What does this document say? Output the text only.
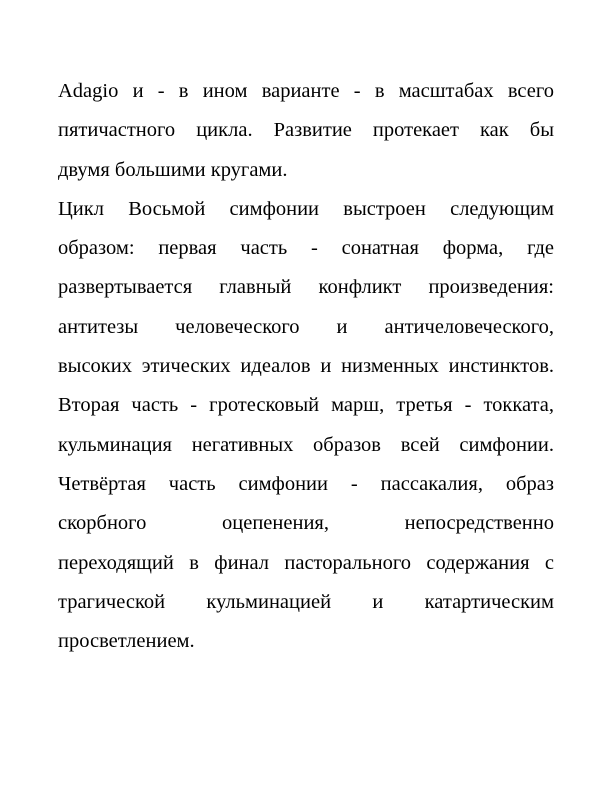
Adagio и - в ином варианте - в масштабах всего
пятичастного цикла. Развитие протекает как бы
двумя большими кругами.
Цикл Восьмой симфонии выстроен следующим
образом: первая часть - сонатная форма, где
развертывается главный конфликт произведения:
антитезы человеческого и античеловеческого,
высоких этических идеалов и низменных инстинктов.
Вторая часть - гротесковый марш, третья - токката,
кульминация негативных образов всей симфонии.
Четвёртая часть симфонии - пассакалия, образ
скорбного оцепенения, непосредственно
переходящий в финал пасторального содержания с
трагической кульминацией и катартическим
просветлением.
